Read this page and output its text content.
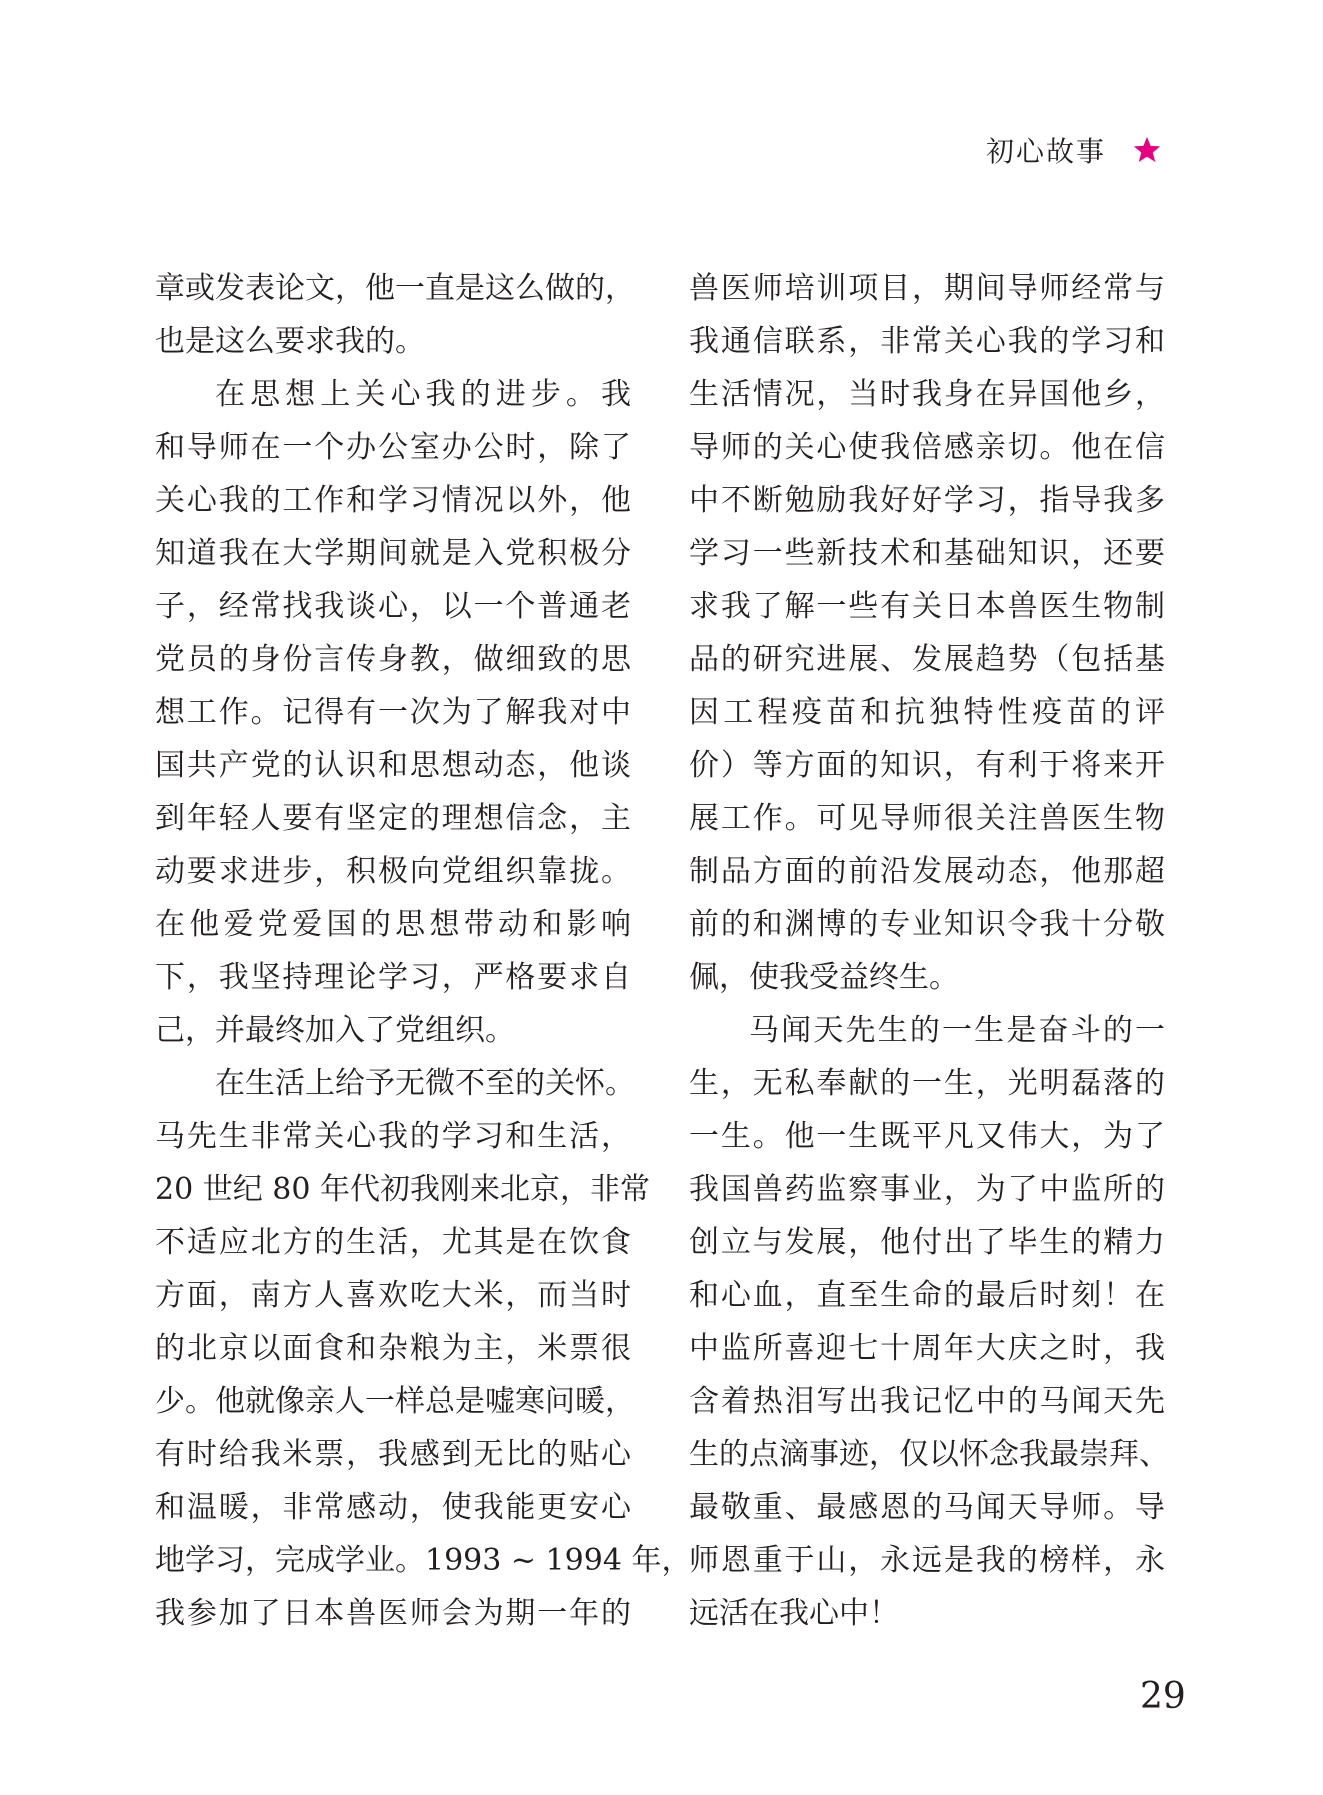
初心故事
章或发表论文，他一直是这么做的，
也是这么要求我的。
在思想上关心我的进步。我
和导师在一个办公室办公时，除了
关心我的工作和学习情况以外，他
知道我在大学期间就是入党积极分
子，经常找我谈心，以一个普通老
党员的身份言传身教，做细致的思
想工作。记得有一次为了解我对中
国共产党的认识和思想动态，他谈
到年轻人要有坚定的理想信念，主
动要求进步，积极向党组织靠拢。
在他爱党爱国的思想带动和影响
下，我坚持理论学习，严格要求自
己，并最终加入了党组织。
在生活上给予无微不至的关怀。
马先生非常关心我的学习和生活，
20 世纪 80 年代初我刚来北京，非常
不适应北方的生活，尤其是在饮食
方面，南方人喜欢吃大米，而当时
的北京以面食和杂粮为主，米票很
少。他就像亲人一样总是嘘寒问暖，
有时给我米票，我感到无比的贴心
和温暖，非常感动，使我能更安心
地学习，完成学业。1993 ~ 1994 年，
我参加了日本兽医师会为期一年的
兽医师培训项目，期间导师经常与
我通信联系，非常关心我的学习和
生活情况，当时我身在异国他乡，
导师的关心使我倍感亲切。他在信
中不断勉励我好好学习，指导我多
学习一些新技术和基础知识，还要
求我了解一些有关日本兽医生物制
品的研究进展、发展趋势（包括基
因工程疫苗和抗独特性疫苗的评
价）等方面的知识，有利于将来开
展工作。可见导师很关注兽医生物
制品方面的前沿发展动态，他那超
前的和渊博的专业知识令我十分敬
佩，使我受益终生。
马闻天先生的一生是奋斗的一
生，无私奉献的一生，光明磊落的
一生。他一生既平凡又伟大，为了
我国兽药监察事业，为了中监所的
创立与发展，他付出了毕生的精力
和心血，直至生命的最后时刻！在
中监所喜迎七十周年大庆之时，我
含着热泪写出我记忆中的马闻天先
生的点滴事迹，仅以怀念我最崇拜、
最敬重、最感恩的马闻天导师。导
师恩重于山，永远是我的榜样，永
远活在我心中！
29
